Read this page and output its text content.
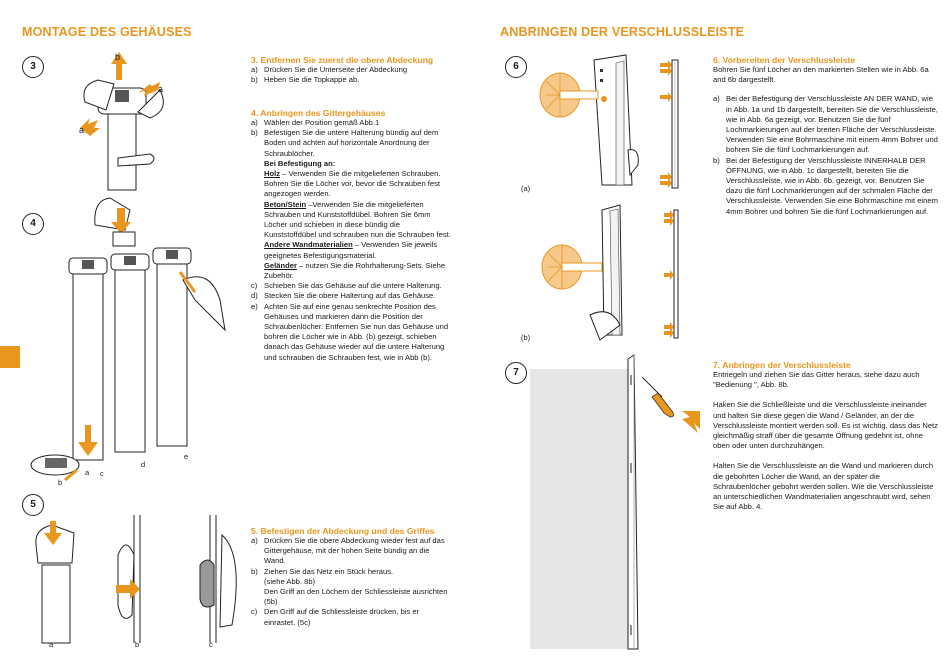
MONTAGE DES GEHÄUSES
3
4
5
b
a
a
a
b
c
d
e
a	b	c

3. Entfernen Sie zuerst die obere Abdeckung

a) Drücken Sie die Unterseite der Abdeckung
b) Heben Sie die Topkappe ab.

4. Anbringen des Gittergehäuses

a) Wählen der Position gemäß Abb.1
b) Befestigen Sie die untere Halterung bündig auf dem Boden und achten auf horizontale Anordnung der Schraublöcher.
Bei Befestigung an:
Holz – Verwenden Sie die mitgelieferten Schrauben. Bohren Sie die Löcher vor, bevor die Schrauben fest angezogen werden.
Beton/Stein –Verwenden Sie die mitgelieferten Schrauben und Kunststoffdübel. Bohren Sie 6mm Löcher und schieben in diese bündig die Kunststoffdübel und schrauben nun die Schrauben fest.
Andere Wandmaterialien – Verwenden Sie jeweils geeignetes Befestigungsmaterial.
Geländer – nutzen Sie die Rohrhalterung-Sets. Siehe Zubehör.
c) Schieben Sie das Gehäuse auf die untere Halterung.
d) Stecken Sie die obere Halterung auf das Gehäuse.
e) Achten Sie auf eine genau senkrechte Position des Gehäuses und markieren dann die Position der Schraubenlöcher. Entfernen Sie nun das Gehäuse und bohren die Löcher wie in Abb. (b) gezeigt, schieben danach das Gehäuse wieder auf die untere Halterung und schrauben die Schrauben fest, wie in Abb (b).

5. Befestigen der Abdeckung und des Griffes

a) Drücken Sie die obere Abdeckung wieder fest auf das Gittergehäuse, mit der hohen Seite bündig an die Wand.
b) Ziehen Sie das Netz ein Stück heraus.
(siehe Abb. 8b)
Den Griff an den Löchern der Schliessleiste ausrichten (5b)
c) Den Griff auf die Schliessleiste drücken, bis er einrastet. (5c)
ANBRINGEN DER VERSCHLUSSLEISTE
6
7
(a)
(b)

6. Vorbereiten der Verschlussleiste

Bohren Sie fünf Löcher an den markierten Stellen wie in Abb. 6a and 6b dargestellt.

a) Bei der Befestigung der Verschlussleiste AN DER WAND, wie in Abb. 1a und 1b dargestellt, bereiten Sie die Verschlussleiste, wie in Abb. 6a gezeigt, vor. Benutzen Sie die fünf Lochmarkierungen auf der breiten Fläche der Verschlussleiste. Verwenden Sie eine Bohrmaschine mit einem 4mm Bohrer und bohren Sie die fünf Lochmarkierungen auf.
b) Bei der Befestigung der Verschlussleiste INNERHALB DER ÖFFNUNG, wie in Abb. 1c dargestellt, bereiten Sie die Verschlussleiste, wie in Abb. 6b. gezeigt, vor. Benutzen Sie dazu die fünf Lochmarkierungen auf der schmalen Fläche der Verschlussleiste. Verwenden Sie eine Bohrmaschine mit einem 4mm Bohrer und bohren Sie die fünf Lochmarkierungen auf.

7. Anbringen der Verschlussleiste

Entriegeln und ziehen Sie das Gitter heraus, siehe dazu auch "Bedienung ", Abb. 8b.

Haken Sie die Schließleiste und die Verschlussleiste ineinander und halten Sie diese gegen die Wand / Geländer, an der die Verschlussleiste montiert werden soll. Es ist wichtig, dass das Netz gleichmäßig straff über die gesamte Öffnung gedehnt ist, ohne oben oder unten durchzuhängen.

Halten Sie die Verschlussleiste an die Wand und markieren durch die gebohrten Löcher die Wand, an der später die Schraubenlöcher gebohrt werden sollen. Wie die Verschlussleiste an unterschiedlichen Wandmaterialien angeschraubt wird, sehen Sie auf Abb. 4.
